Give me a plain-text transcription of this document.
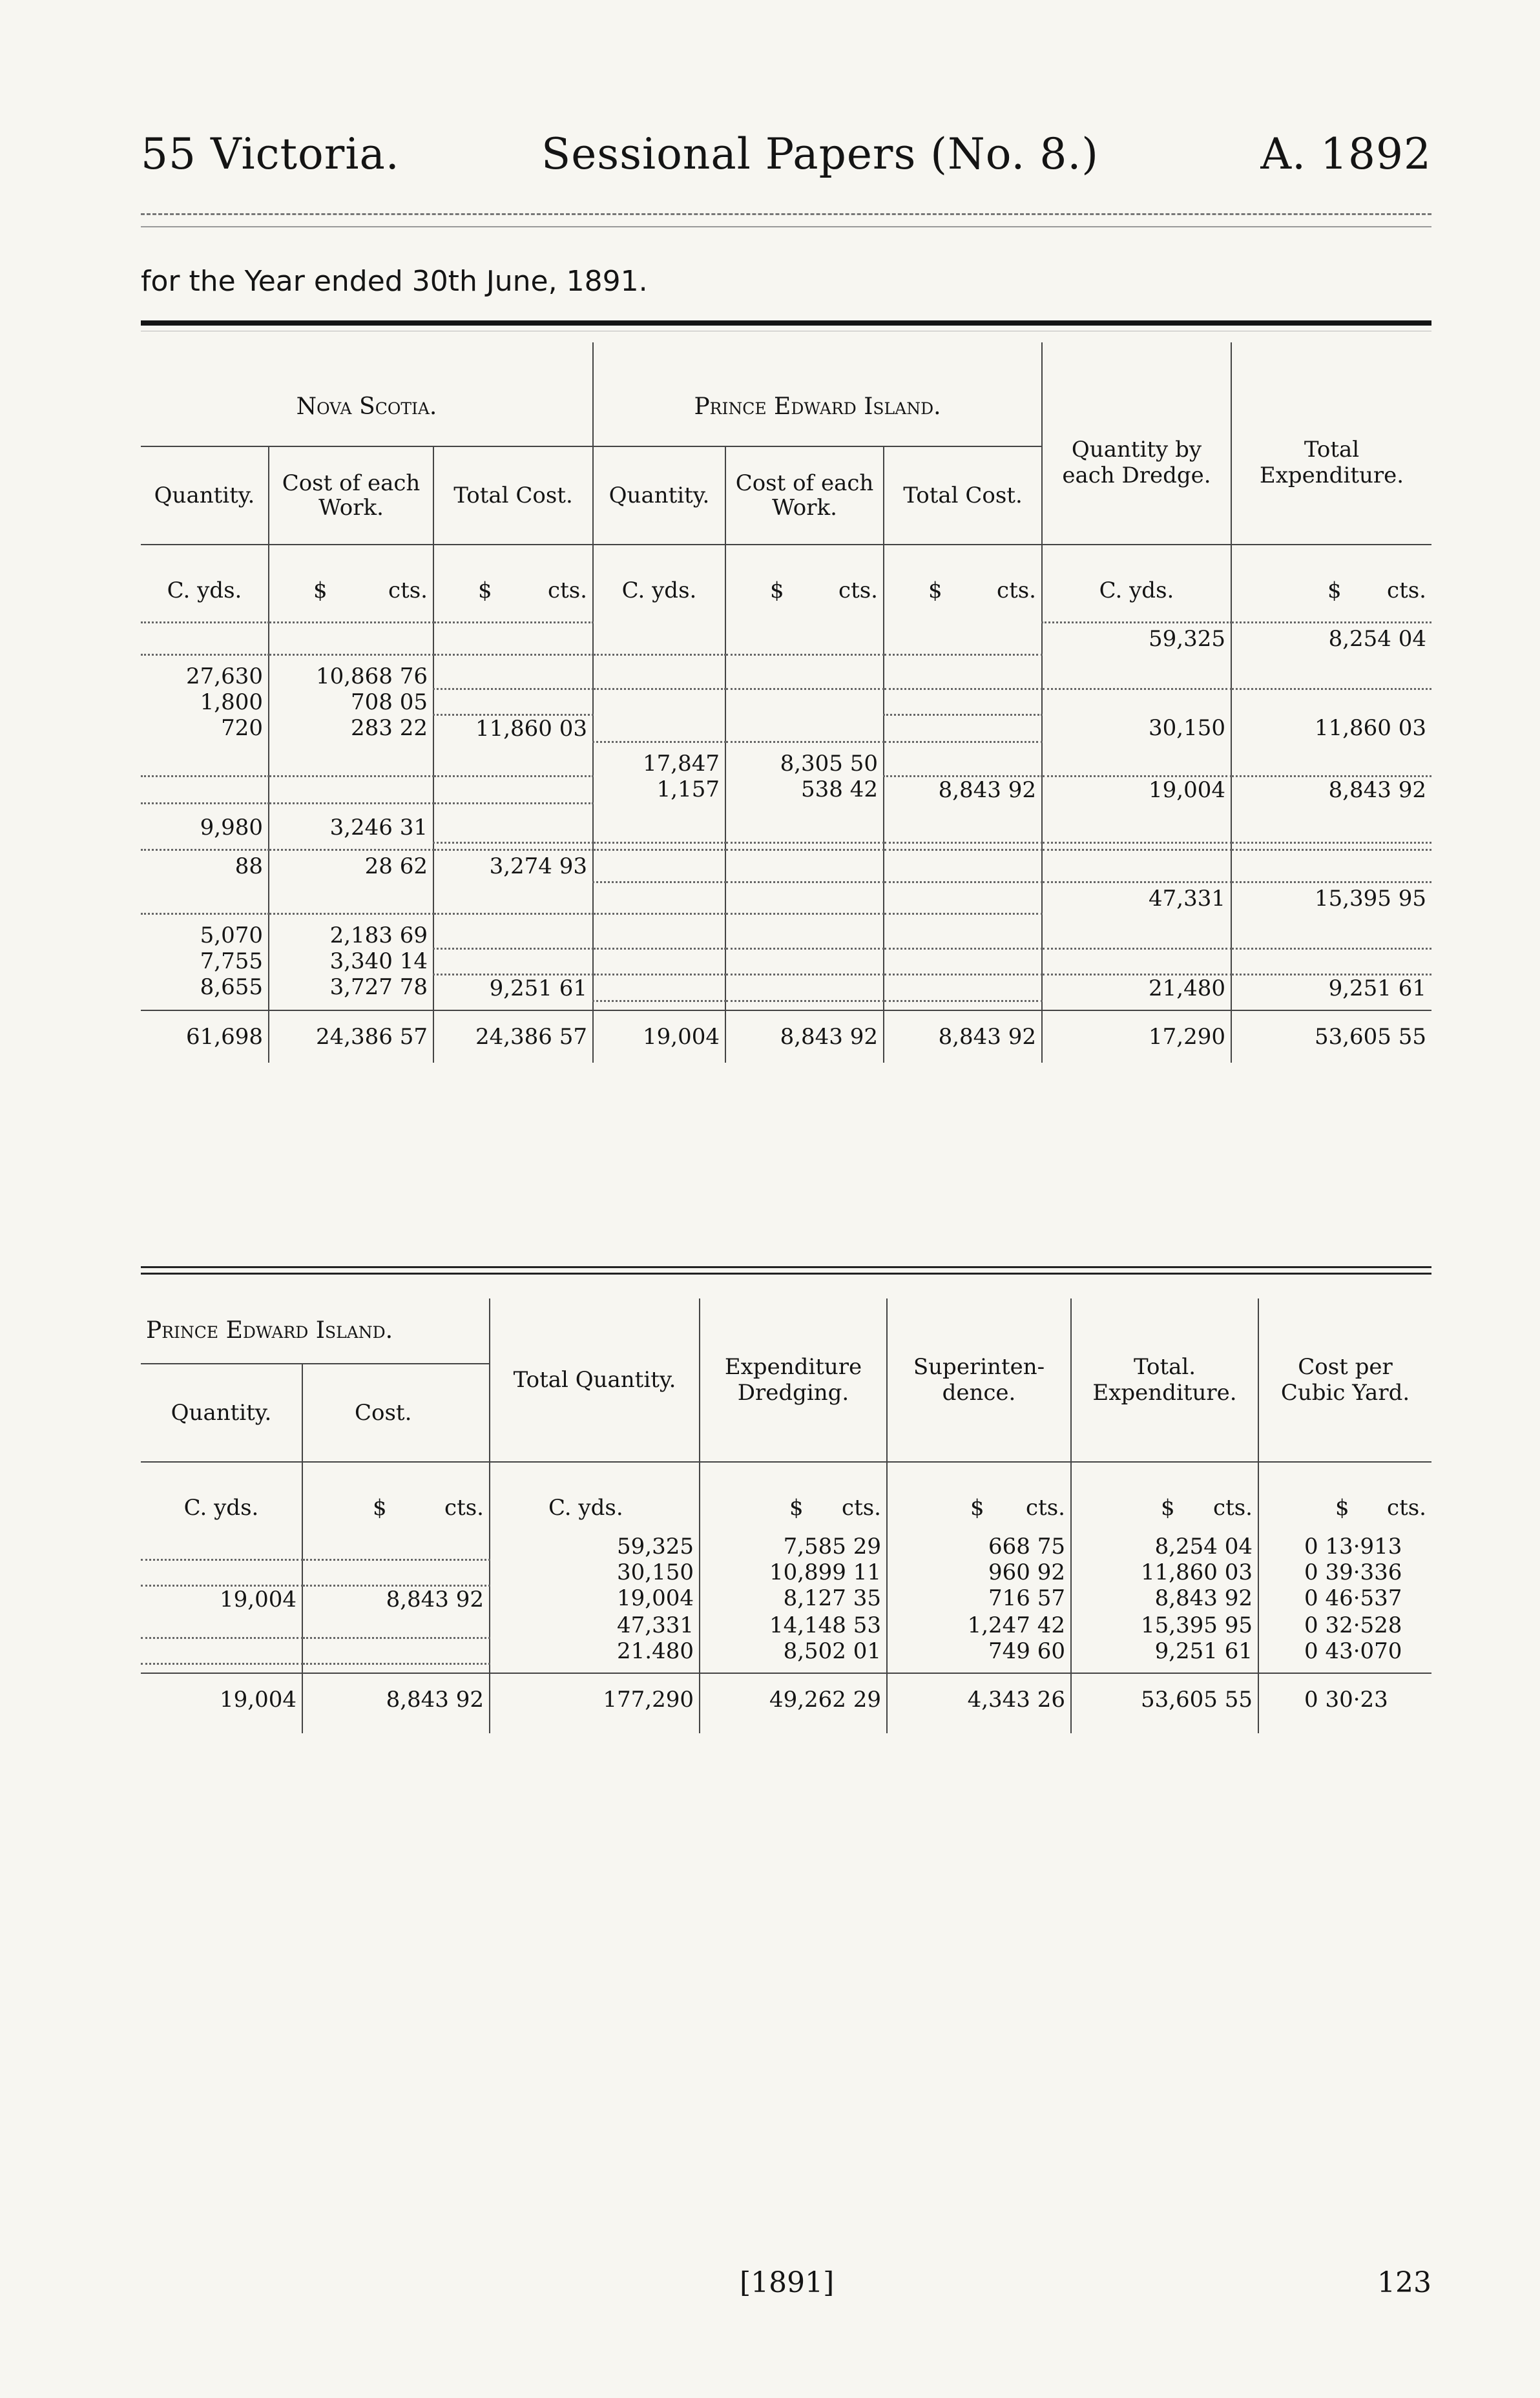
55 Victoria.	Sessional Papers (No. 8.)	A. 1892
for the Year ended 30th June, 1891.
Nova Scotia.			Prince Edward Island.			Quantity by each Dredge.	Total Expenditure.
Quantity.	Cost of each Work.	Total Cost.	Quantity.	Cost of each Work.	Total Cost.		
C. yds.	$ cts.	$ cts.	C. yds.	$ cts.	$ cts.	C. yds.	$ cts.

						59,325	8,254 04

27,630	10,868 76						
1,800	708 05						
720	283 22	11,860 03				30,150	11,860 03

			17,847	8,305 50			
			1,157	538 42	8,843 92	19,004	8,843 92

9,980	3,246 31						

88	28 62	3,274 93					
						47,331	15,395 95

5,070	2,183 69						
7,755	3,340 14						
8,655	3,727 78	9,251 61				21,480	9,251 61

61,698	24,386 57	24,386 57	19,004	8,843 92	8,843 92	17,290	53,605 55
Prince Edward Island.		Total Quantity.	Expenditure Dredging.	Superinten- dence.	Total. Expenditure.	Cost per Cubic Yard.
Quantity.	Cost.					
C. yds.	$ cts.	C. yds.	$ cts.	$ cts.	$ cts.	$ cts.

		59,325	7,585 29	668 75	8,254 04	0 13·913
		30,150	10,899 11	960 92	11,860 03	0 39·336
19,004	8,843 92	19,004	8,127 35	716 57	8,843 92	0 46·537
		47,331	14,148 53	1,247 42	15,395 95	0 32·528
		21.480	8,502 01	749 60	9,251 61	0 43·070

19,004	8,843 92	177,290	49,262 29	4,343 26	53,605 55	0 30·23

[1891]	123
